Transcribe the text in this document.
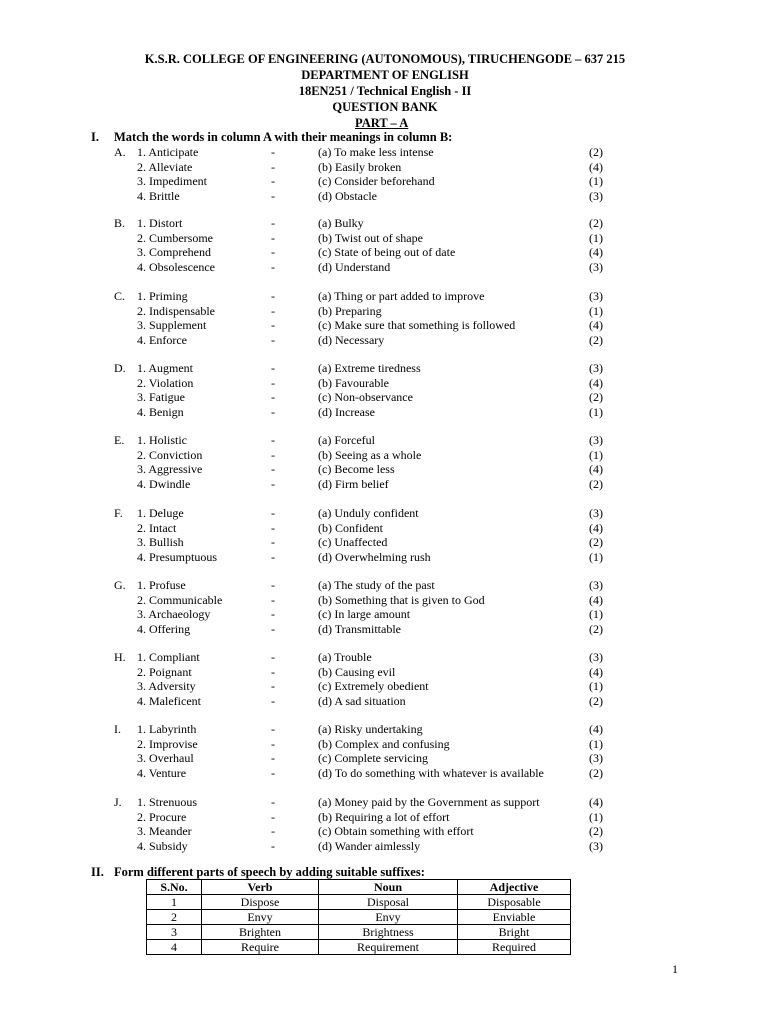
K.S.R. COLLEGE OF ENGINEERING (AUTONOMOUS), TIRUCHENGODE – 637 215
DEPARTMENT OF ENGLISH
18EN251 / Technical English - II
QUESTION BANK
PART – A
I. Match the words in column A with their meanings in column B:
A. 1. Anticipate	-	(a) To make less intense	(2)
2. Alleviate	-	(b) Easily broken	(4)
3. Impediment	-	(c) Consider beforehand	(1)
4. Brittle	-	(d) Obstacle	(3)
B. 1. Distort	-	(a) Bulky	(2)
2. Cumbersome	-	(b) Twist out of shape	(1)
3. Comprehend	-	(c) State of being out of date	(4)
4. Obsolescence	-	(d) Understand	(3)
C. 1. Priming	-	(a) Thing or part added to improve	(3)
2. Indispensable	-	(b) Preparing	(1)
3. Supplement	-	(c) Make sure that something is followed	(4)
4. Enforce	-	(d) Necessary	(2)
D. 1. Augment	-	(a) Extreme tiredness	(3)
2. Violation	-	(b) Favourable	(4)
3. Fatigue	-	(c) Non-observance	(2)
4. Benign	-	(d) Increase	(1)
E. 1. Holistic	-	(a) Forceful	(3)
2. Conviction	-	(b) Seeing as a whole	(1)
3. Aggressive	-	(c) Become less	(4)
4. Dwindle	-	(d) Firm belief	(2)
F. 1. Deluge	-	(a) Unduly confident	(3)
2. Intact	-	(b) Confident	(4)
3. Bullish	-	(c) Unaffected	(2)
4. Presumptuous	-	(d) Overwhelming rush	(1)
G. 1. Profuse	-	(a) The study of the past	(3)
2. Communicable	-	(b) Something that is given to God	(4)
3. Archaeology	-	(c) In large amount	(1)
4. Offering	-	(d) Transmittable	(2)
H. 1. Compliant	-	(a) Trouble	(3)
2. Poignant	-	(b) Causing evil	(4)
3. Adversity	-	(c) Extremely obedient	(1)
4. Maleficent	-	(d) A sad situation	(2)
I. 1. Labyrinth	-	(a) Risky undertaking	(4)
2. Improvise	-	(b) Complex and confusing	(1)
3. Overhaul	-	(c) Complete servicing	(3)
4. Venture	-	(d) To do something with whatever is available	(2)
J. 1. Strenuous	-	(a) Money paid by the Government as support	(4)
2. Procure	-	(b) Requiring a lot of effort	(1)
3. Meander	-	(c) Obtain something with effort	(2)
4. Subsidy	-	(d) Wander aimlessly	(3)
II. Form different parts of speech by adding suitable suffixes:
S.No.	Verb	Noun	Adjective
1	Dispose	Disposal	Disposable
2	Envy	Envy	Enviable
3	Brighten	Brightness	Bright
4	Require	Requirement	Required
1
